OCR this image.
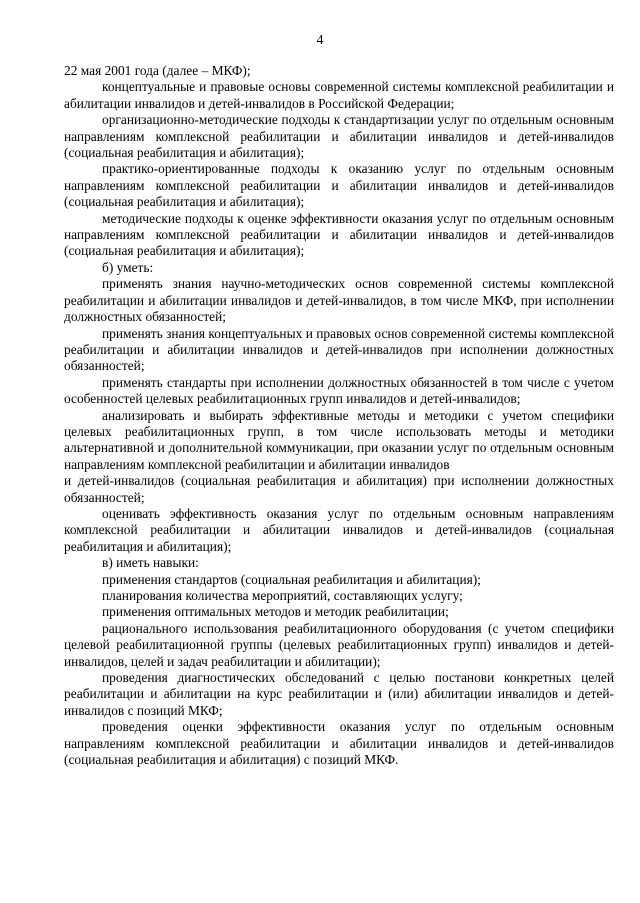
4

22 мая 2001 года (далее – МКФ);

концептуальные и правовые основы современной системы комплексной реабилитации и абилитации инвалидов и детей-инвалидов в Российской Федерации;

организационно-методические подходы к стандартизации услуг по отдельным основным направлениям комплексной реабилитации и абилитации инвалидов и детей-инвалидов (социальная реабилитация и абилитация);

практико-ориентированные подходы к оказанию услуг по отдельным основным направлениям комплексной реабилитации и абилитации инвалидов и детей-инвалидов (социальная реабилитация и абилитация);

методические подходы к оценке эффективности оказания услуг по отдельным основным направлениям комплексной реабилитации и абилитации инвалидов и детей-инвалидов (социальная реабилитация и абилитация);

б) уметь:

применять знания научно-методических основ современной системы комплексной реабилитации и абилитации инвалидов и детей-инвалидов, в том числе МКФ, при исполнении должностных обязанностей;

применять знания концептуальных и правовых основ современной системы комплексной реабилитации и абилитации инвалидов и детей-инвалидов при исполнении должностных обязанностей;

применять стандарты при исполнении должностных обязанностей в том числе с учетом особенностей целевых реабилитационных групп инвалидов и детей-инвалидов;

анализировать и выбирать эффективные методы и методики с учетом специфики целевых реабилитационных групп, в том числе использовать методы и методики альтернативной и дополнительной коммуникации, при оказании услуг по отдельным основным направлениям комплексной реабилитации и абилитации инвалидов

и детей-инвалидов (социальная реабилитация и абилитация) при исполнении должностных обязанностей;

оценивать эффективность оказания услуг по отдельным основным направлениям комплексной реабилитации и абилитации инвалидов и детей-инвалидов (социальная реабилитация и абилитация);

в) иметь навыки:

применения стандартов (социальная реабилитация и абилитация);

планирования количества мероприятий, составляющих услугу;

применения оптимальных методов и методик реабилитации;

рационального использования реабилитационного оборудования (с учетом специфики целевой реабилитационной группы (целевых реабилитационных групп) инвалидов и детей-инвалидов, целей и задач реабилитации и абилитации);

проведения диагностических обследований с целью постанови конкретных целей реабилитации и абилитации на курс реабилитации и (или) абилитации инвалидов и детей-инвалидов с позиций МКФ;

проведения оценки эффективности оказания услуг по отдельным основным направлениям комплексной реабилитации и абилитации инвалидов и детей-инвалидов (социальная реабилитация и абилитация) с позиций МКФ.
